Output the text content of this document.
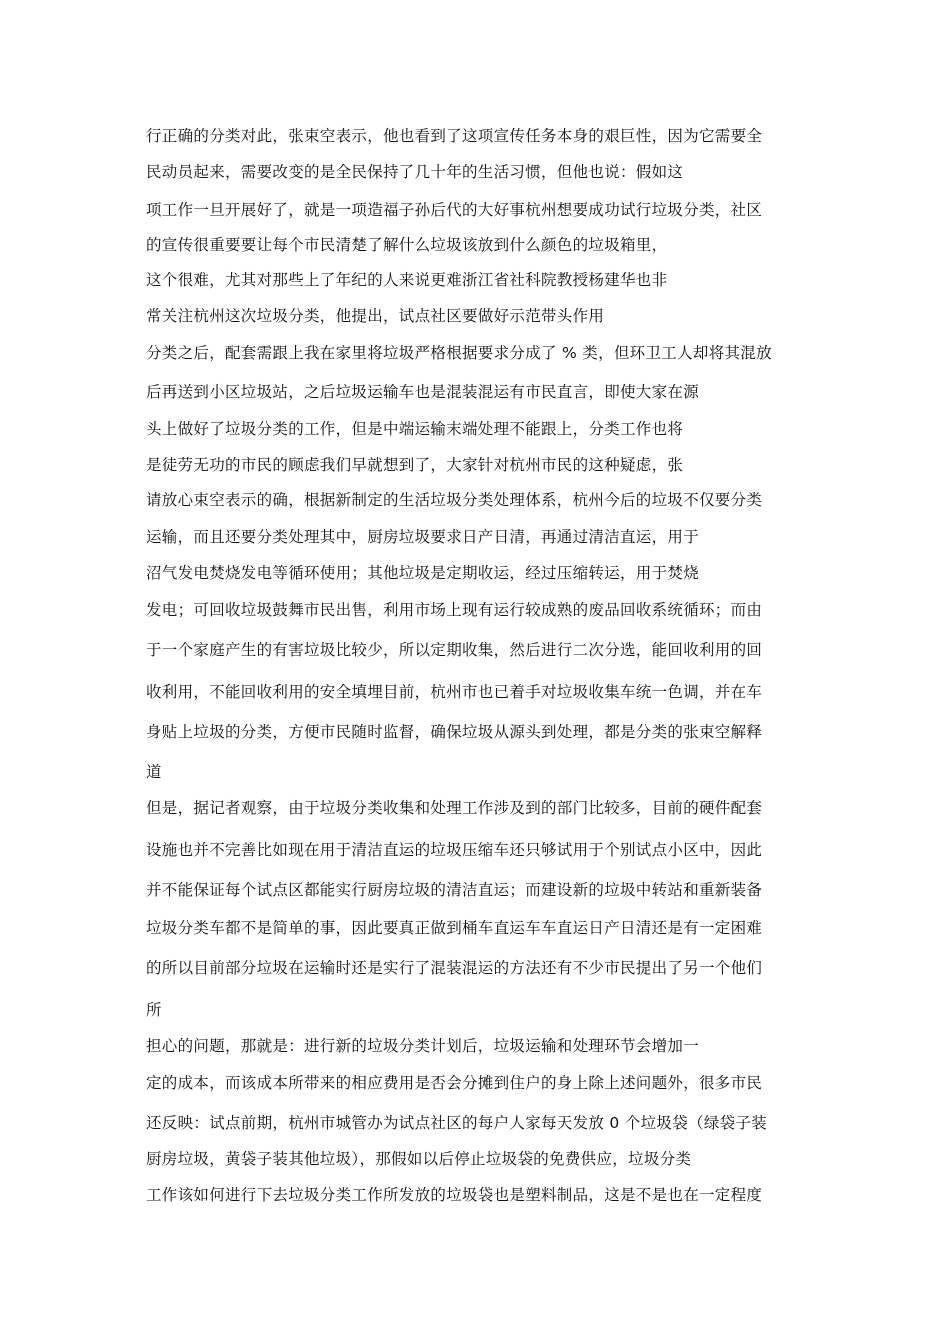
行正确的分类对此，张束空表示，他也看到了这项宣传任务本身的艰巨性，因为它需要全
民动员起来，需要改变的是全民保持了几十年的生活习惯，但他也说：假如这
项工作一旦开展好了，就是一项造福子孙后代的大好事杭州想要成功试行垃圾分类，社区
的宣传很重要要让每个市民清楚了解什么垃圾该放到什么颜色的垃圾箱里，
这个很难，尤其对那些上了年纪的人来说更难浙江省社科院教授杨建华也非
常关注杭州这次垃圾分类，他提出，试点社区要做好示范带头作用
分类之后，配套需跟上我在家里将垃圾严格根据要求分成了 % 类，但环卫工人却将其混放
后再送到小区垃圾站，之后垃圾运输车也是混装混运有市民直言，即使大家在源
头上做好了垃圾分类的工作，但是中端运输末端处理不能跟上，分类工作也将
是徒劳无功的市民的顾虑我们早就想到了，大家针对杭州市民的这种疑虑，张
请放心束空表示的确，根据新制定的生活垃圾分类处理体系，杭州今后的垃圾不仅要分类
运输，而且还要分类处理其中，厨房垃圾要求日产日清，再通过清洁直运，用于
沼气发电焚烧发电等循环使用；其他垃圾是定期收运，经过压缩转运，用于焚烧
发电；可回收垃圾鼓舞市民出售，利用市场上现有运行较成熟的废品回收系统循环；而由
于一个家庭产生的有害垃圾比较少，所以定期收集，然后进行二次分选，能回收利用的回
收利用，不能回收利用的安全填埋目前，杭州市也已着手对垃圾收集车统一色调，并在车
身贴上垃圾的分类，方便市民随时监督，确保垃圾从源头到处理，都是分类的张束空解释
道
但是，据记者观察，由于垃圾分类收集和处理工作涉及到的部门比较多，目前的硬件配套
设施也并不完善比如现在用于清洁直运的垃圾压缩车还只够试用于个别试点小区中，因此
并不能保证每个试点区都能实行厨房垃圾的清洁直运；而建设新的垃圾中转站和重新装备
垃圾分类车都不是简单的事，因此要真正做到桶车直运车车直运日产日清还是有一定困难
的所以目前部分垃圾在运输时还是实行了混装混运的方法还有不少市民提出了另一个他们
所
担心的问题，那就是：进行新的垃圾分类计划后，垃圾运输和处理环节会增加一
定的成本，而该成本所带来的相应费用是否会分摊到住户的身上除上述问题外，很多市民
还反映：试点前期，杭州市城管办为试点社区的每户人家每天发放 0 个垃圾袋（绿袋子装
厨房垃圾，黄袋子装其他垃圾），那假如以后停止垃圾袋的免费供应，垃圾分类
工作该如何进行下去垃圾分类工作所发放的垃圾袋也是塑料制品，这是不是也在一定程度
